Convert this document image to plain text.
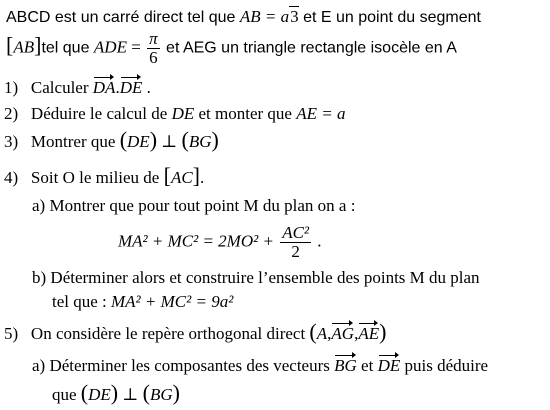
ABCD est un carré direct tel que AB = a3 et E un point du segment
[AB]tel que ADE = $\frac{\pi}{6}$ et AEG un triangle rectangle isocèle en A
1) Calculer DA.DE .
2) Déduire le calcul de DE et monter que AE = a
3) Montrer que (DE) ⊥ (BG)
4) Soit O le milieu de [AC].
a) Montrer que pour tout point M du plan on a :
$MA^2 + MC^2 = 2MO^2 + \frac{\text{AC²}}{2}$ .
b) Déterminer alors et construire l’ensemble des points M du plan
tel que : MA² + MC² = 9a²
5) On considère le repère orthogonal direct (A,AG,AE)
a) Déterminer les composantes des vecteurs BG et DE puis déduire
que (DE) ⊥ (BG)
